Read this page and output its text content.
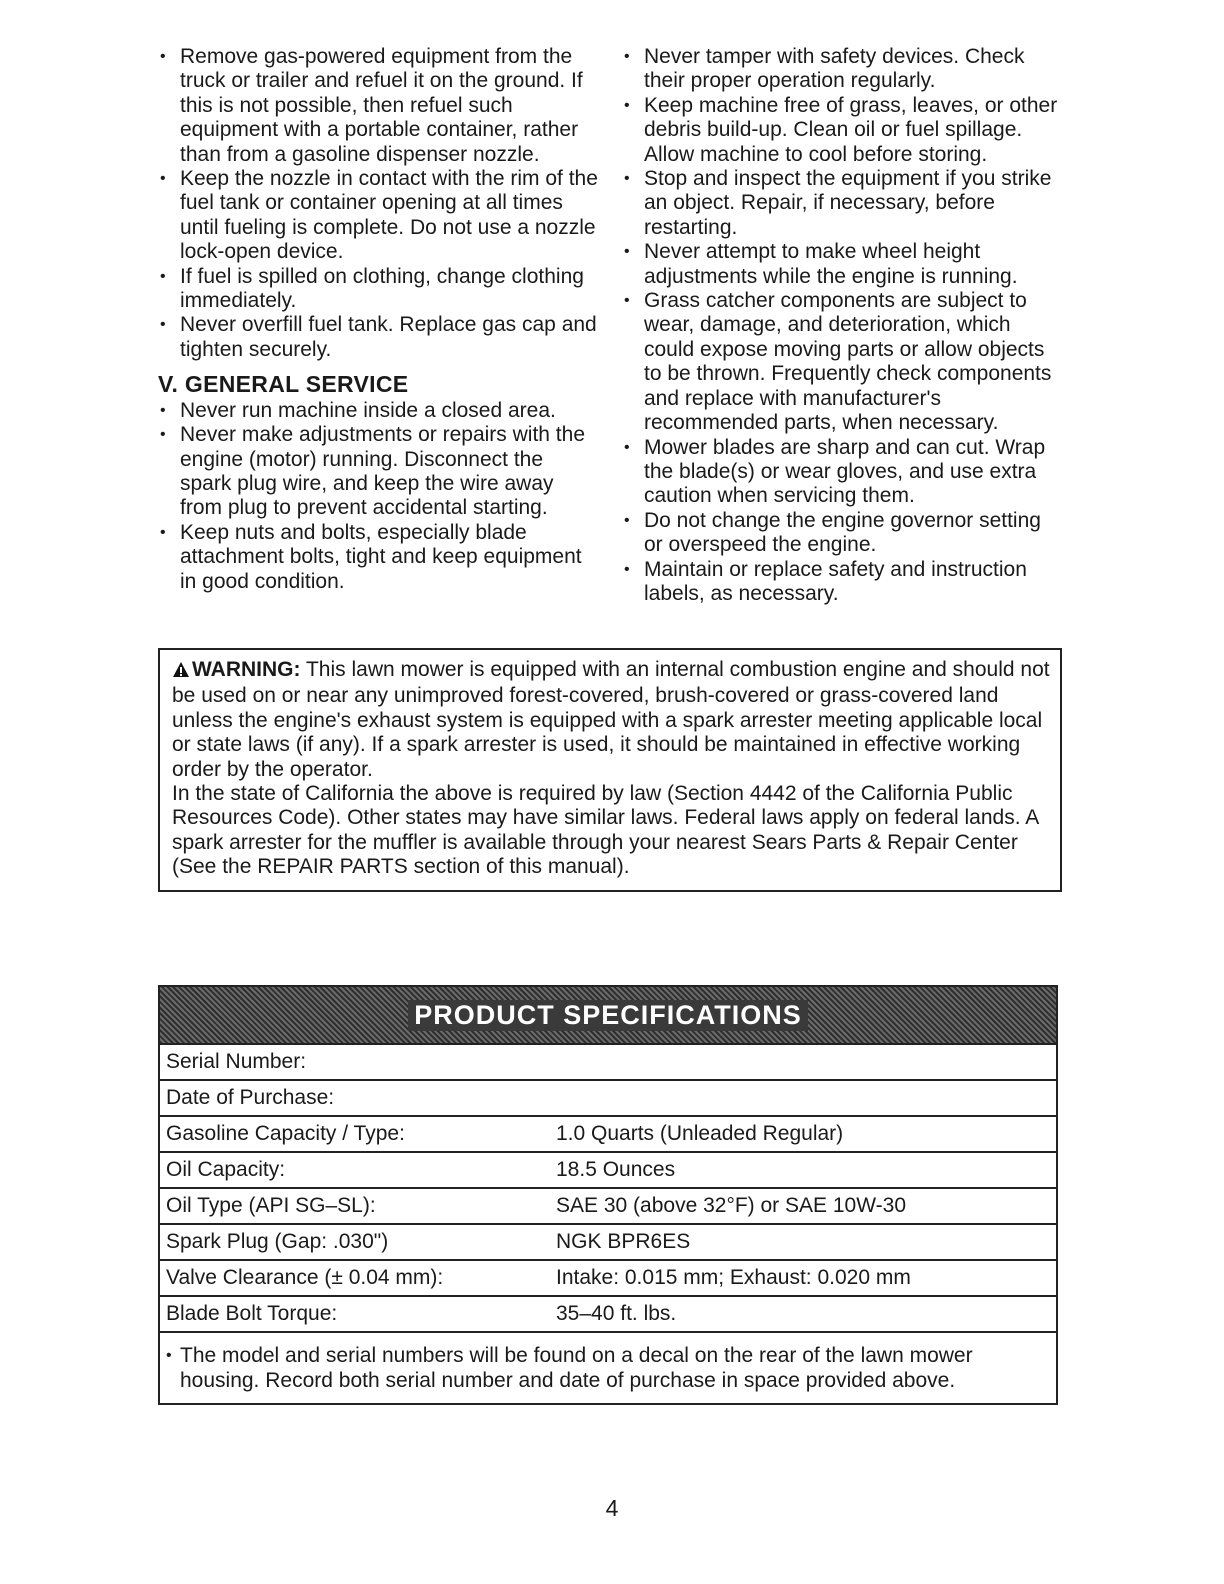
• Remove gas-powered equipment from the truck or trailer and refuel it on the ground. If this is not possible, then refuel such equipment with a portable container, rather than from a gasoline dispenser nozzle.
• Keep the nozzle in contact with the rim of the fuel tank or container opening at all times until fueling is complete. Do not use a nozzle lock-open device.
• If fuel is spilled on clothing, change clothing immediately.
• Never overfill fuel tank. Replace gas cap and tighten securely.
V. GENERAL SERVICE
• Never run machine inside a closed area.
• Never make adjustments or repairs with the engine (motor) running. Disconnect the spark plug wire, and keep the wire away from plug to prevent accidental starting.
• Keep nuts and bolts, especially blade attachment bolts, tight and keep equipment in good condition.
• Never tamper with safety devices. Check their proper operation regularly.
• Keep machine free of grass, leaves, or other debris build-up. Clean oil or fuel spillage. Allow machine to cool before storing.
• Stop and inspect the equipment if you strike an object. Repair, if necessary, before restarting.
• Never attempt to make wheel height adjustments while the engine is running.
• Grass catcher components are subject to wear, damage, and deterioration, which could expose moving parts or allow objects to be thrown. Frequently check components and replace with manufacturer's recommended parts, when necessary.
• Mower blades are sharp and can cut. Wrap the blade(s) or wear gloves, and use extra caution when servicing them.
• Do not change the engine governor setting or overspeed the engine.
• Maintain or replace safety and instruction labels, as necessary.

WARNING: This lawn mower is equipped with an internal combustion engine and should not be used on or near any unimproved forest-covered, brush-covered or grass-covered land unless the engine's exhaust system is equipped with a spark arrester meeting applicable local or state laws (if any). If a spark arrester is used, it should be maintained in effective working order by the operator.

In the state of California the above is required by law (Section 4442 of the California Public Resources Code). Other states may have similar laws. Federal laws apply on federal lands. A spark arrester for the muffler is available through your nearest Sears Parts & Repair Center (See the REPAIR PARTS section of this manual).

PRODUCT SPECIFICATIONS
Serial Number:
Date of Purchase:
Gasoline Capacity / Type:	1.0 Quarts (Unleaded Regular)
Oil Capacity:	18.5 Ounces
Oil Type (API SG–SL):	SAE 30 (above 32°F) or SAE 10W-30
Spark Plug (Gap: .030")	NGK BPR6ES
Valve Clearance (± 0.04 mm):	Intake: 0.015 mm; Exhaust: 0.020 mm
Blade Bolt Torque:	35–40 ft. lbs.
• The model and serial numbers will be found on a decal on the rear of the lawn mower housing. Record both serial number and date of purchase in space provided above.
4
